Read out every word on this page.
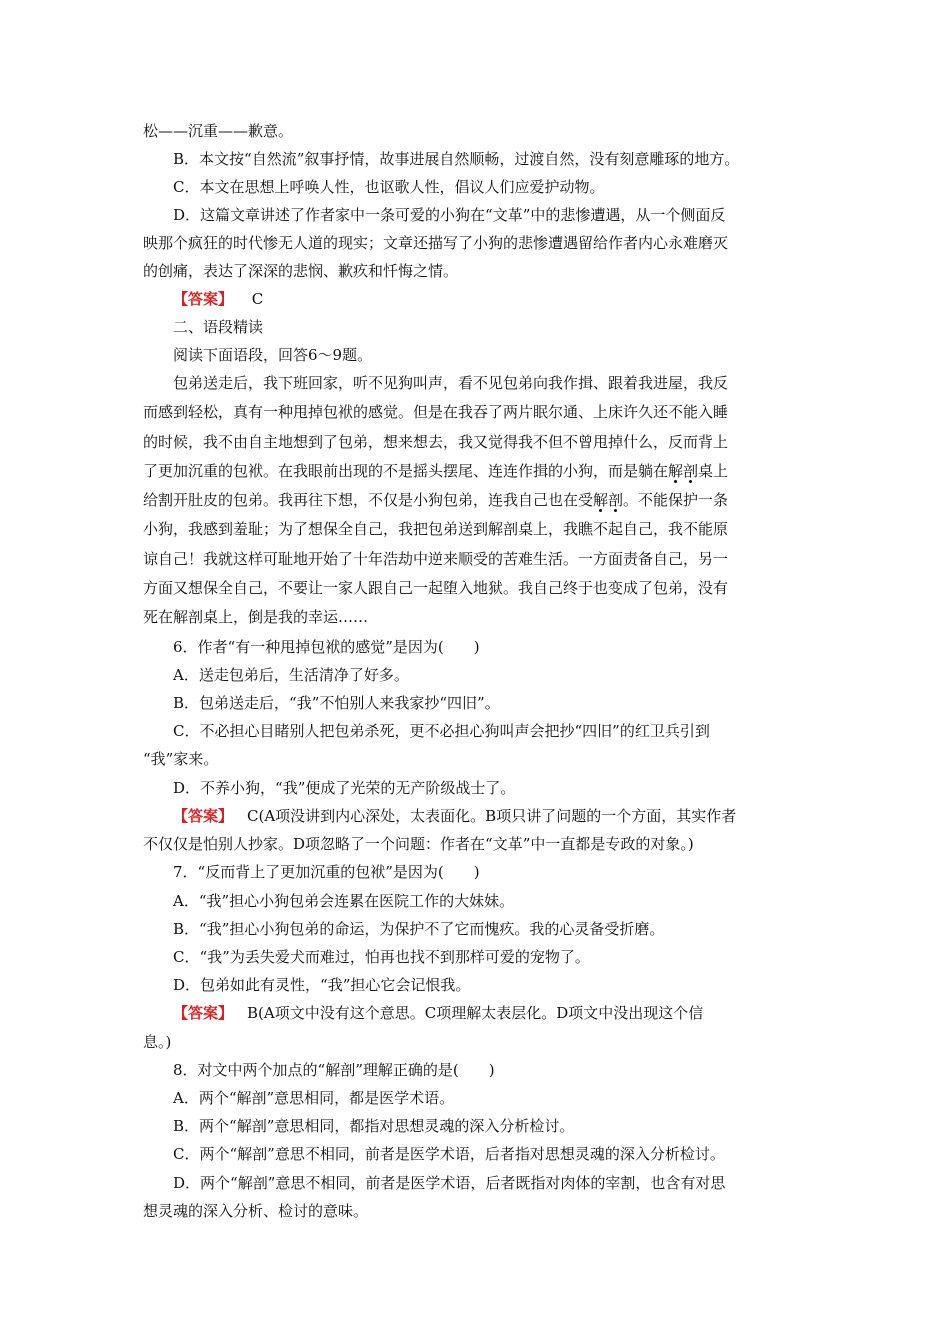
松——沉重——歉意。
B．本文按“自然流”叙事抒情，故事进展自然顺畅，过渡自然，没有刻意雕琢的地方。
C．本文在思想上呼唤人性，也讴歌人性，倡议人们应爱护动物。
D．这篇文章讲述了作者家中一条可爱的小狗在“文革”中的悲惨遭遇，从一个侧面反
映那个疯狂的时代惨无人道的现实；文章还描写了小狗的悲惨遭遇留给作者内心永难磨灭
的创痛，表达了深深的悲悯、歉疚和忏悔之情。
【答案】 C
二、语段精读
阅读下面语段，回答6～9题。
包弟送走后，我下班回家，听不见狗叫声，看不见包弟向我作揖、跟着我进屋，我反
而感到轻松，真有一种甩掉包袱的感觉。但是在我吞了两片眠尔通、上床许久还不能入睡
的时候，我不由自主地想到了包弟，想来想去，我又觉得我不但不曾甩掉什么，反而背上
了更加沉重的包袱。在我眼前出现的不是摇头摆尾、连连作揖的小狗，而是躺在解剖桌上
给割开肚皮的包弟。我再往下想，不仅是小狗包弟，连我自己也在受解剖。不能保护一条
小狗，我感到羞耻；为了想保全自己，我把包弟送到解剖桌上，我瞧不起自己，我不能原
谅自己！我就这样可耻地开始了十年浩劫中逆来顺受的苦难生活。一方面责备自己，另一
方面又想保全自己，不要让一家人跟自己一起堕入地狱。我自己终于也变成了包弟，没有
死在解剖桌上，倒是我的幸运……
6．作者“有一种甩掉包袱的感觉”是因为(　　)
A．送走包弟后，生活清净了好多。
B．包弟送走后，“我”不怕别人来我家抄“四旧”。
C．不必担心目睹别人把包弟杀死，更不必担心狗叫声会把抄“四旧”的红卫兵引到
“我”家来。
D．不养小狗，“我”便成了光荣的无产阶级战士了。
【答案】 C(A项没讲到内心深处，太表面化。B项只讲了问题的一个方面，其实作者
不仅仅是怕别人抄家。D项忽略了一个问题：作者在“文革”中一直都是专政的对象。)
7．“反而背上了更加沉重的包袱”是因为(　　)
A．“我”担心小狗包弟会连累在医院工作的大妹妹。
B．“我”担心小狗包弟的命运，为保护不了它而愧疚。我的心灵备受折磨。
C．“我”为丢失爱犬而难过，怕再也找不到那样可爱的宠物了。
D．包弟如此有灵性，“我”担心它会记恨我。
【答案】 B(A项文中没有这个意思。C项理解太表层化。D项文中没出现这个信
息。)
8．对文中两个加点的“解剖”理解正确的是(　　)
A．两个“解剖”意思相同，都是医学术语。
B．两个“解剖”意思相同，都指对思想灵魂的深入分析检讨。
C．两个“解剖”意思不相同，前者是医学术语，后者指对思想灵魂的深入分析检讨。
D．两个“解剖”意思不相同，前者是医学术语，后者既指对肉体的宰割，也含有对思
想灵魂的深入分析、检讨的意味。
